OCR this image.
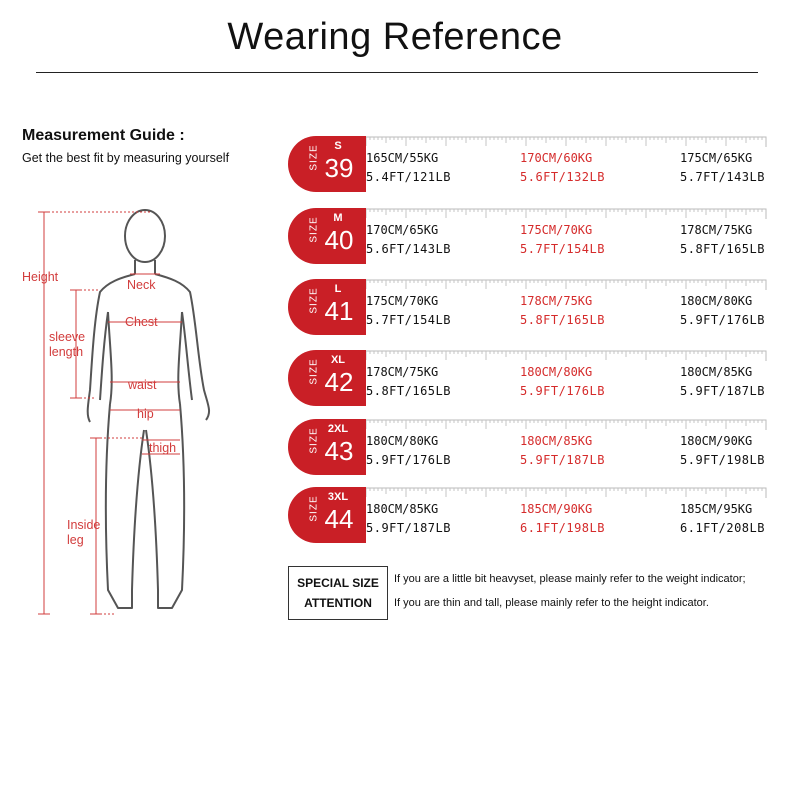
Wearing Reference
Measurement Guide :
Get the best fit by measuring yourself
Height
Neck
Chest
sleeve
length
waist
hip
thigh
Inside
leg
SIZE	S
39	165CM/55KG
5.4FT/121LB
170CM/60KG
5.6FT/132LB
175CM/65KG
5.7FT/143LB
SIZE	M
40	170CM/65KG
5.6FT/143LB
175CM/70KG
5.7FT/154LB
178CM/75KG
5.8FT/165LB
SIZE	L
41	175CM/70KG
5.7FT/154LB
178CM/75KG
5.8FT/165LB
180CM/80KG
5.9FT/176LB
SIZE	XL
42	178CM/75KG
5.8FT/165LB
180CM/80KG
5.9FT/176LB
180CM/85KG
5.9FT/187LB
SIZE 2XL
43	180CM/80KG
5.9FT/176LB
180CM/85KG
5.9FT/187LB
180CM/90KG
5.9FT/198LB
SIZE 3XL
44	180CM/85KG
5.9FT/187LB
185CM/90KG
6.1FT/198LB
185CM/95KG
6.1FT/208LB
SPECIAL SIZE
ATTENTION
If you are a little bit heavyset, please mainly refer to the weight indicator;
If you are thin and tall, please mainly refer to the height indicator.
